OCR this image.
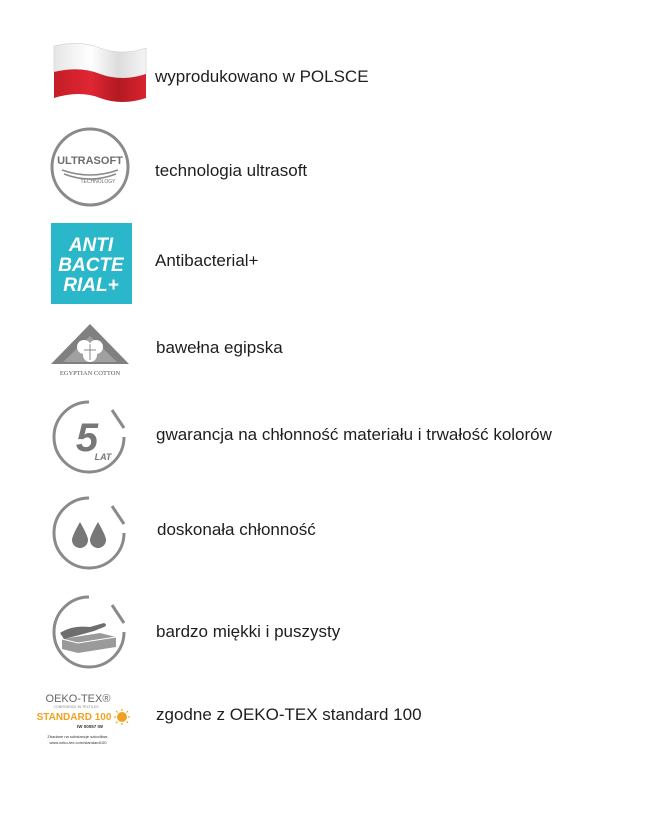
wyprodukowano w POLSCE
ULTRASOFT
TECHNOLOGY
technologia ultrasoft
ANTI
BACTE
RIAL+
Antibacterial+
EGYPTIAN COTTON
bawełna egipska
5
LAT
gwarancja na chłonność materiału i trwałość kolorów
doskonała chłonność
bardzo miękki i puszysty
OEKO-TEX®
CONFIDENCE IN TEXTILES
STANDARD 100
IW 00057 IW
Zbadane na substancje szkodliwe.
www.oeko-tex.com/standard100
zgodne z OEKO-TEX standard 100
